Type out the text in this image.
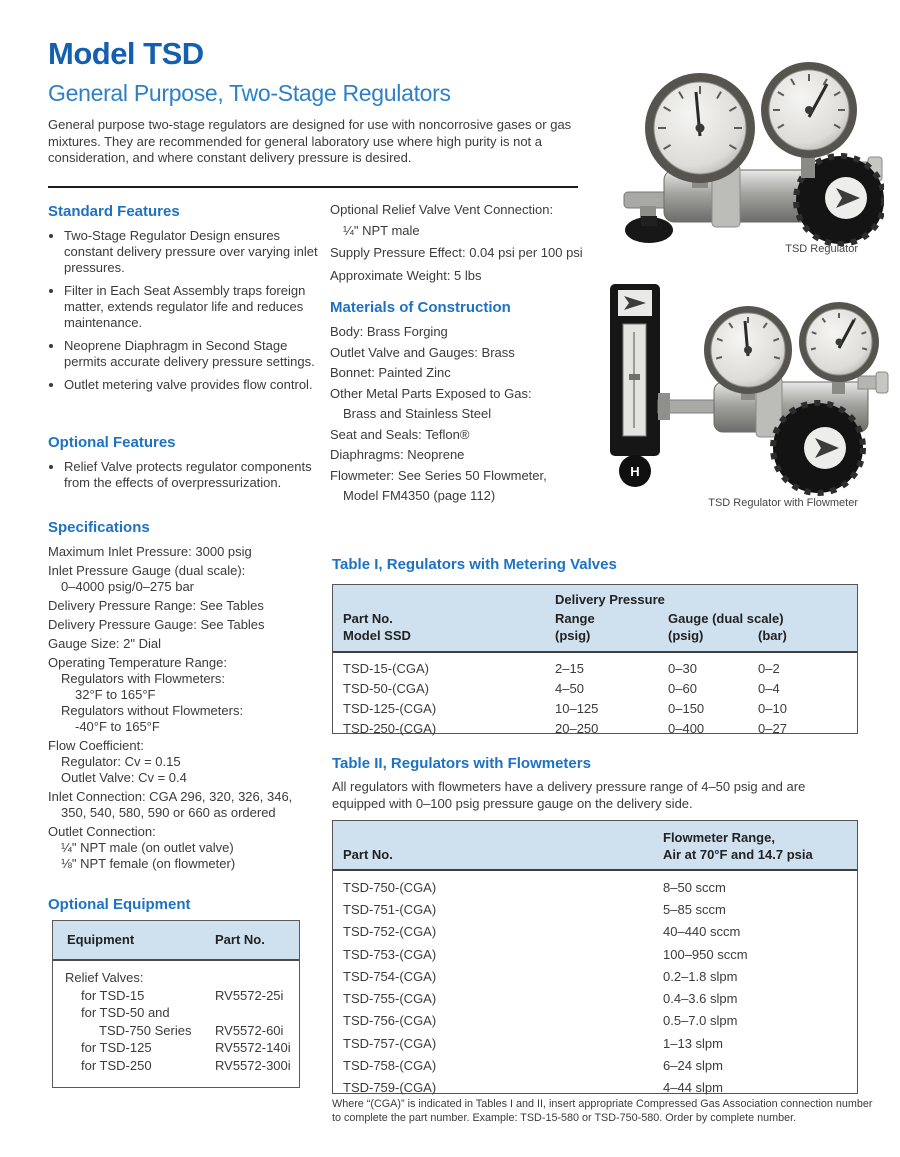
Model TSD
General Purpose, Two-Stage Regulators
General purpose two-stage regulators are designed for use with noncorrosive gases or gas mixtures. They are recommended for general laboratory use where high purity is not a consideration, and where constant delivery pressure is desired.
Standard Features
• Two-Stage Regulator Design ensures constant delivery pressure over varying inlet pressures.
• Filter in Each Seat Assembly traps foreign matter, extends regulator life and reduces maintenance.
• Neoprene Diaphragm in Second Stage permits accurate delivery pressure settings.
• Outlet metering valve provides flow control.
Optional Features
• Relief Valve protects regulator components from the effects of overpressurization.
Specifications
Maximum Inlet Pressure: 3000 psig
Inlet Pressure Gauge (dual scale):
0–4000 psig/0–275 bar
Delivery Pressure Range: See Tables
Delivery Pressure Gauge: See Tables
Gauge Size: 2" Dial
Operating Temperature Range:
Regulators with Flowmeters:
32°F to 165°F
Regulators without Flowmeters:
-40°F to 165°F
Flow Coefficient:
Regulator: Cv = 0.15
Outlet Valve: Cv = 0.4
Inlet Connection: CGA 296, 320, 326, 346,
350, 540, 580, 590 or 660 as ordered
Outlet Connection:
¼" NPT male (on outlet valve)
⅛" NPT female (on flowmeter)
Optional Equipment
Equipment	Part No.
Relief Valves:
for TSD-15	RV5572-25i
for TSD-50 and
TSD-750 Series	RV5572-60i
for TSD-125	RV5572-140i
for TSD-250	RV5572-300i
Optional Relief Valve Vent Connection:
¼" NPT male
Supply Pressure Effect: 0.04 psi per 100 psi
Approximate Weight: 5 lbs
Materials of Construction
Body: Brass Forging
Outlet Valve and Gauges: Brass
Bonnet: Painted Zinc
Other Metal Parts Exposed to Gas:
Brass and Stainless Steel
Seat and Seals: Teflon®
Diaphragms: Neoprene
Flowmeter: See Series 50 Flowmeter,
Model FM4350 (page 112)
TSD Regulator
H
TSD Regulator with Flowmeter
Table I, Regulators with Metering Valves
Delivery Pressure
Part No.
Model SSD
Range
(psig)
Gauge (dual scale)
(psig)	(bar)
TSD-15-(CGA)	2–15	0–30	0–2
TSD-50-(CGA)	4–50	0–60	0–4
TSD-125-(CGA)	10–125	0–150	0–10
TSD-250-(CGA)	20–250	0–400	0–27
Table II, Regulators with Flowmeters
All regulators with flowmeters have a delivery pressure range of 4–50 psig and are equipped with 0–100 psig pressure gauge on the delivery side.
Part No.
Flowmeter Range,
Air at 70°F and 14.7 psia
TSD-750-(CGA)	8–50 sccm
TSD-751-(CGA)	5–85 sccm
TSD-752-(CGA)	40–440 sccm
TSD-753-(CGA)	100–950 sccm
TSD-754-(CGA)	0.2–1.8 slpm
TSD-755-(CGA)	0.4–3.6 slpm
TSD-756-(CGA)	0.5–7.0 slpm
TSD-757-(CGA)	1–13 slpm
TSD-758-(CGA)	6–24 slpm
TSD-759-(CGA)	4–44 slpm
Where “(CGA)” is indicated in Tables I and II, insert appropriate Compressed Gas Association connection number to complete the part number. Example: TSD-15-580 or TSD-750-580. Order by complete number.
